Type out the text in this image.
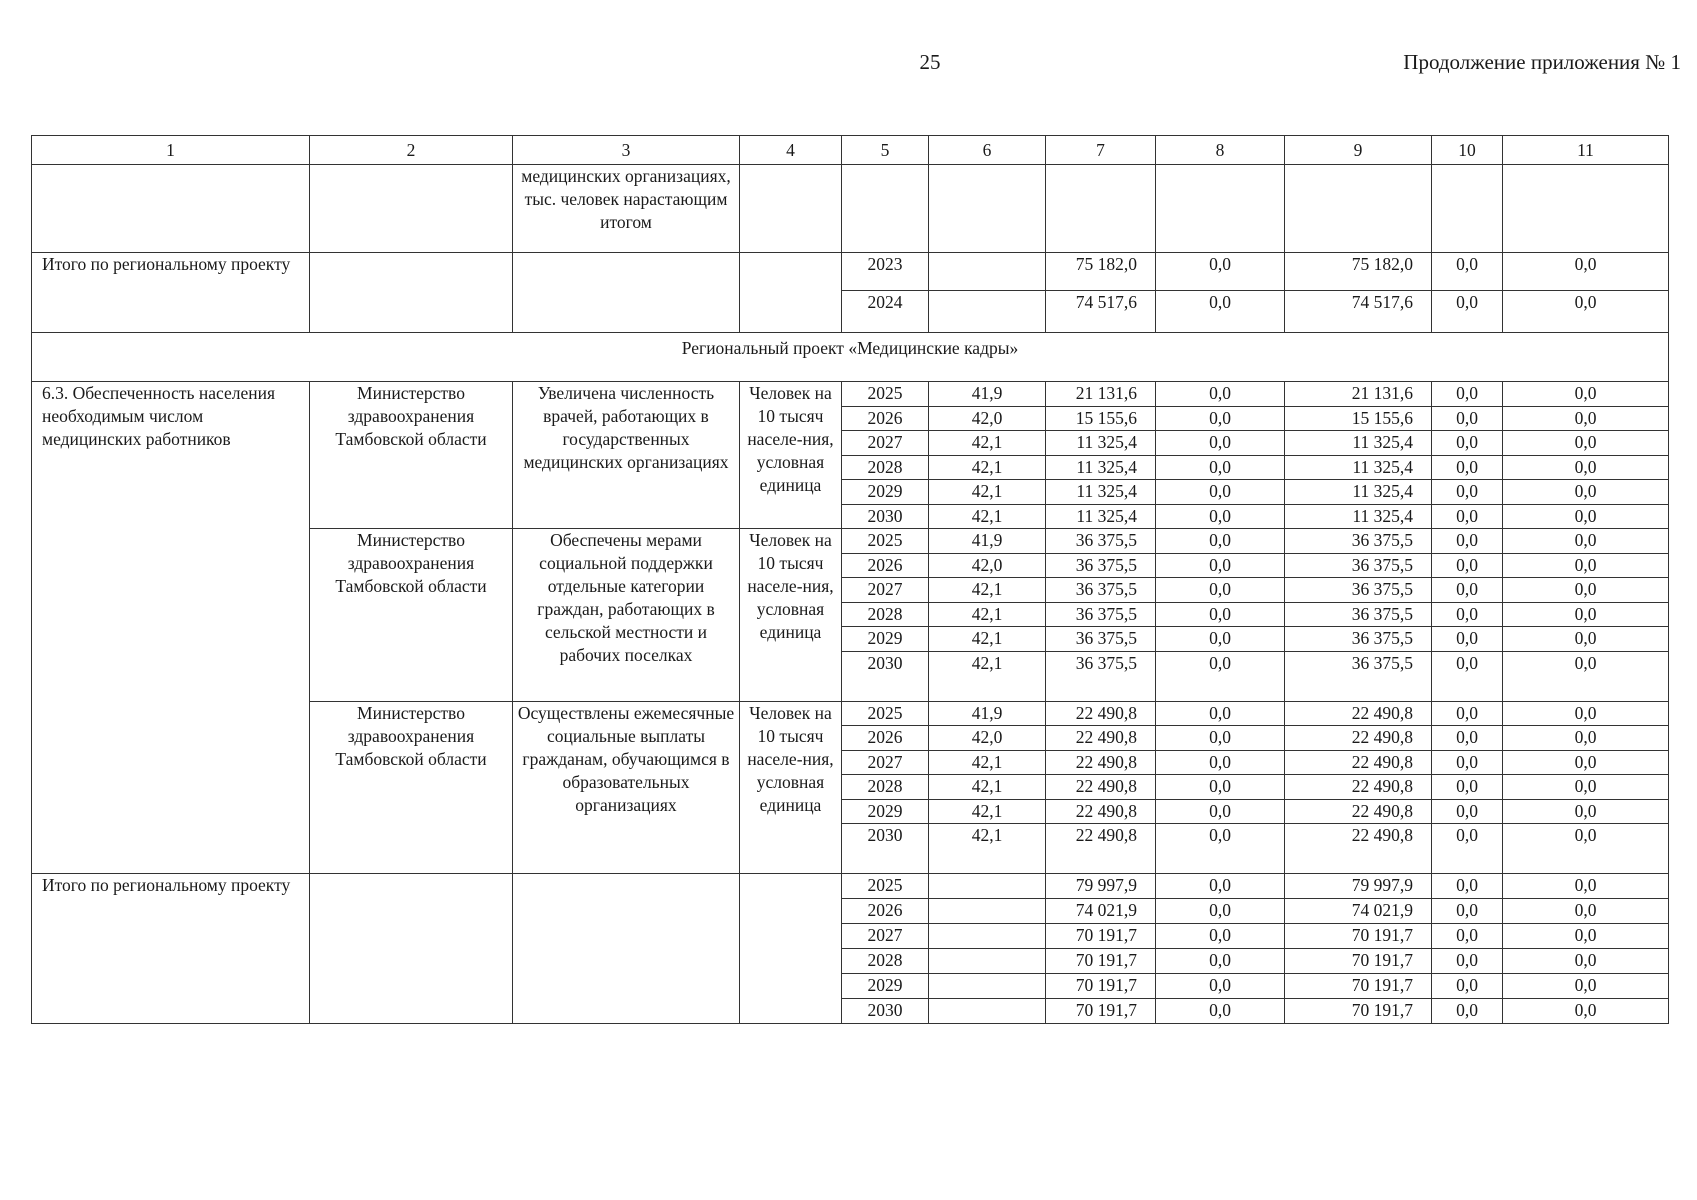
25	Продолжение приложения № 1
1	2	3	4	5	6	7	8	9	10	11
		медицинских организациях, тыс. человек нарастающим итогом								
Итого по региональному проекту				2023		75 182,0	0,0	75 182,0	0,0	0,0
				2024		74 517,6	0,0	74 517,6	0,0	0,0
Региональный проект «Медицинские кадры»										
6.3. Обеспеченность населения необходимым числом медицинских работников	Министерство здравоохранения Тамбовской области	Увеличена численность врачей, работающих в государственных медицинских организациях	Человек на 10 тысяч населе-ния, условная единица	2025	41,9	21 131,6	0,0	21 131,6	0,0	0,0
				2026	42,0	15 155,6	0,0	15 155,6	0,0	0,0
				2027	42,1	11 325,4	0,0	11 325,4	0,0	0,0
				2028	42,1	11 325,4	0,0	11 325,4	0,0	0,0
				2029	42,1	11 325,4	0,0	11 325,4	0,0	0,0
				2030	42,1	11 325,4	0,0	11 325,4	0,0	0,0
	Министерство здравоохранения Тамбовской области	Обеспечены мерами социальной поддержки отдельные категории граждан, работающих в сельской местности и рабочих поселках	Человек на 10 тысяч населе-ния, условная единица	2025	41,9	36 375,5	0,0	36 375,5	0,0	0,0
				2026	42,0	36 375,5	0,0	36 375,5	0,0	0,0
				2027	42,1	36 375,5	0,0	36 375,5	0,0	0,0
				2028	42,1	36 375,5	0,0	36 375,5	0,0	0,0
				2029	42,1	36 375,5	0,0	36 375,5	0,0	0,0
				2030	42,1	36 375,5	0,0	36 375,5	0,0	0,0
	Министерство здравоохранения Тамбовской области	Осуществлены ежемесячные социальные выплаты гражданам, обучающимся в образовательных организациях	Человек на 10 тысяч населе-ния, условная единица	2025	41,9	22 490,8	0,0	22 490,8	0,0	0,0
				2026	42,0	22 490,8	0,0	22 490,8	0,0	0,0
				2027	42,1	22 490,8	0,0	22 490,8	0,0	0,0
				2028	42,1	22 490,8	0,0	22 490,8	0,0	0,0
				2029	42,1	22 490,8	0,0	22 490,8	0,0	0,0
				2030	42,1	22 490,8	0,0	22 490,8	0,0	0,0
Итого по региональному проекту				2025		79 997,9	0,0	79 997,9	0,0	0,0
				2026		74 021,9	0,0	74 021,9	0,0	0,0
				2027		70 191,7	0,0	70 191,7	0,0	0,0
				2028		70 191,7	0,0	70 191,7	0,0	0,0
				2029		70 191,7	0,0	70 191,7	0,0	0,0
				2030		70 191,7	0,0	70 191,7	0,0	0,0
